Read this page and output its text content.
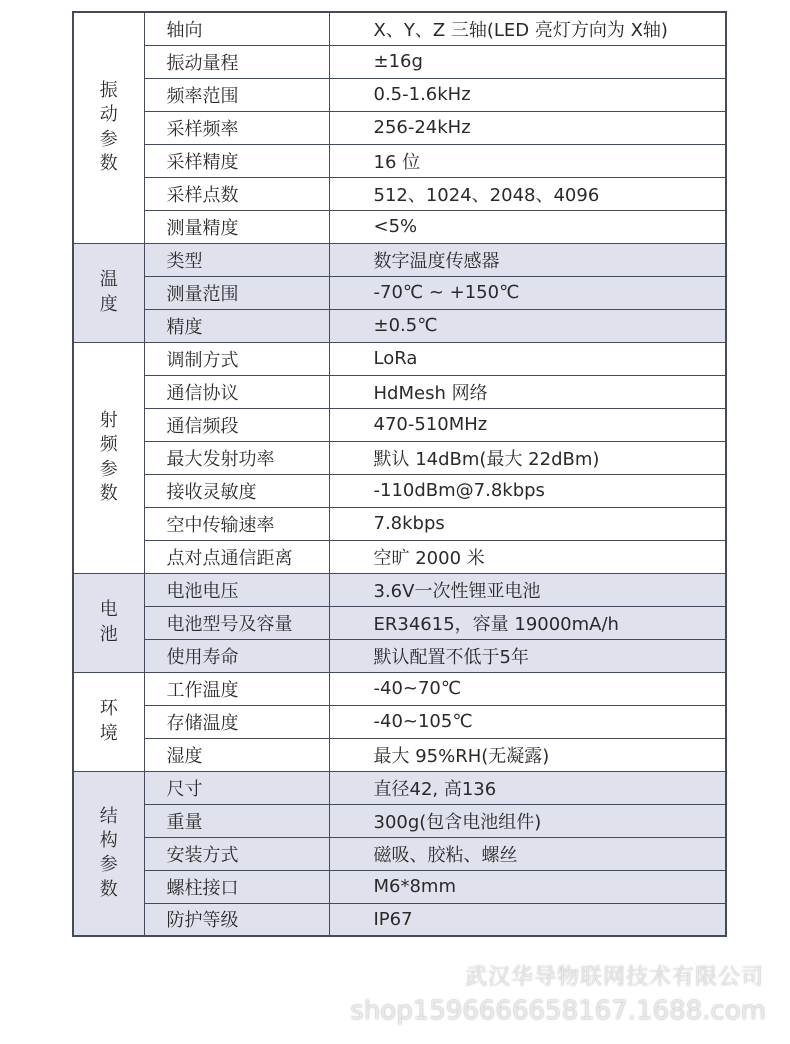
振动参数	轴向	X、Y、Z 三轴(LED 亮灯方向为 X轴)
	振动量程	±16g
	频率范围	0.5-1.6kHz
	采样频率	256-24kHz
	采样精度	16 位
	采样点数	512、1024、2048、4096
	测量精度	<5%
温度	类型	数字温度传感器
	测量范围	-70℃ ~ +150℃
	精度	±0.5℃
射频参数	调制方式	LoRa
	通信协议	HdMesh 网络
	通信频段	470-510MHz
	最大发射功率	默认 14dBm(最大 22dBm)
	接收灵敏度	-110dBm@7.8kbps
	空中传输速率	7.8kbps
	点对点通信距离	空旷 2000 米
电池	电池电压	3.6V一次性锂亚电池
	电池型号及容量	ER34615，容量 19000mA/h
	使用寿命	默认配置不低于5年
环境	工作温度	-40~70℃
	存储温度	-40~105℃
	湿度	最大 95%RH(无凝露)
结构参数	尺寸	直径42, 高136
	重量	300g(包含电池组件)
	安装方式	磁吸、胶粘、螺丝
	螺柱接口	M6*8mm
	防护等级	IP67
武汉华导物联网技术有限公司
shop1596666658167.1688.com
